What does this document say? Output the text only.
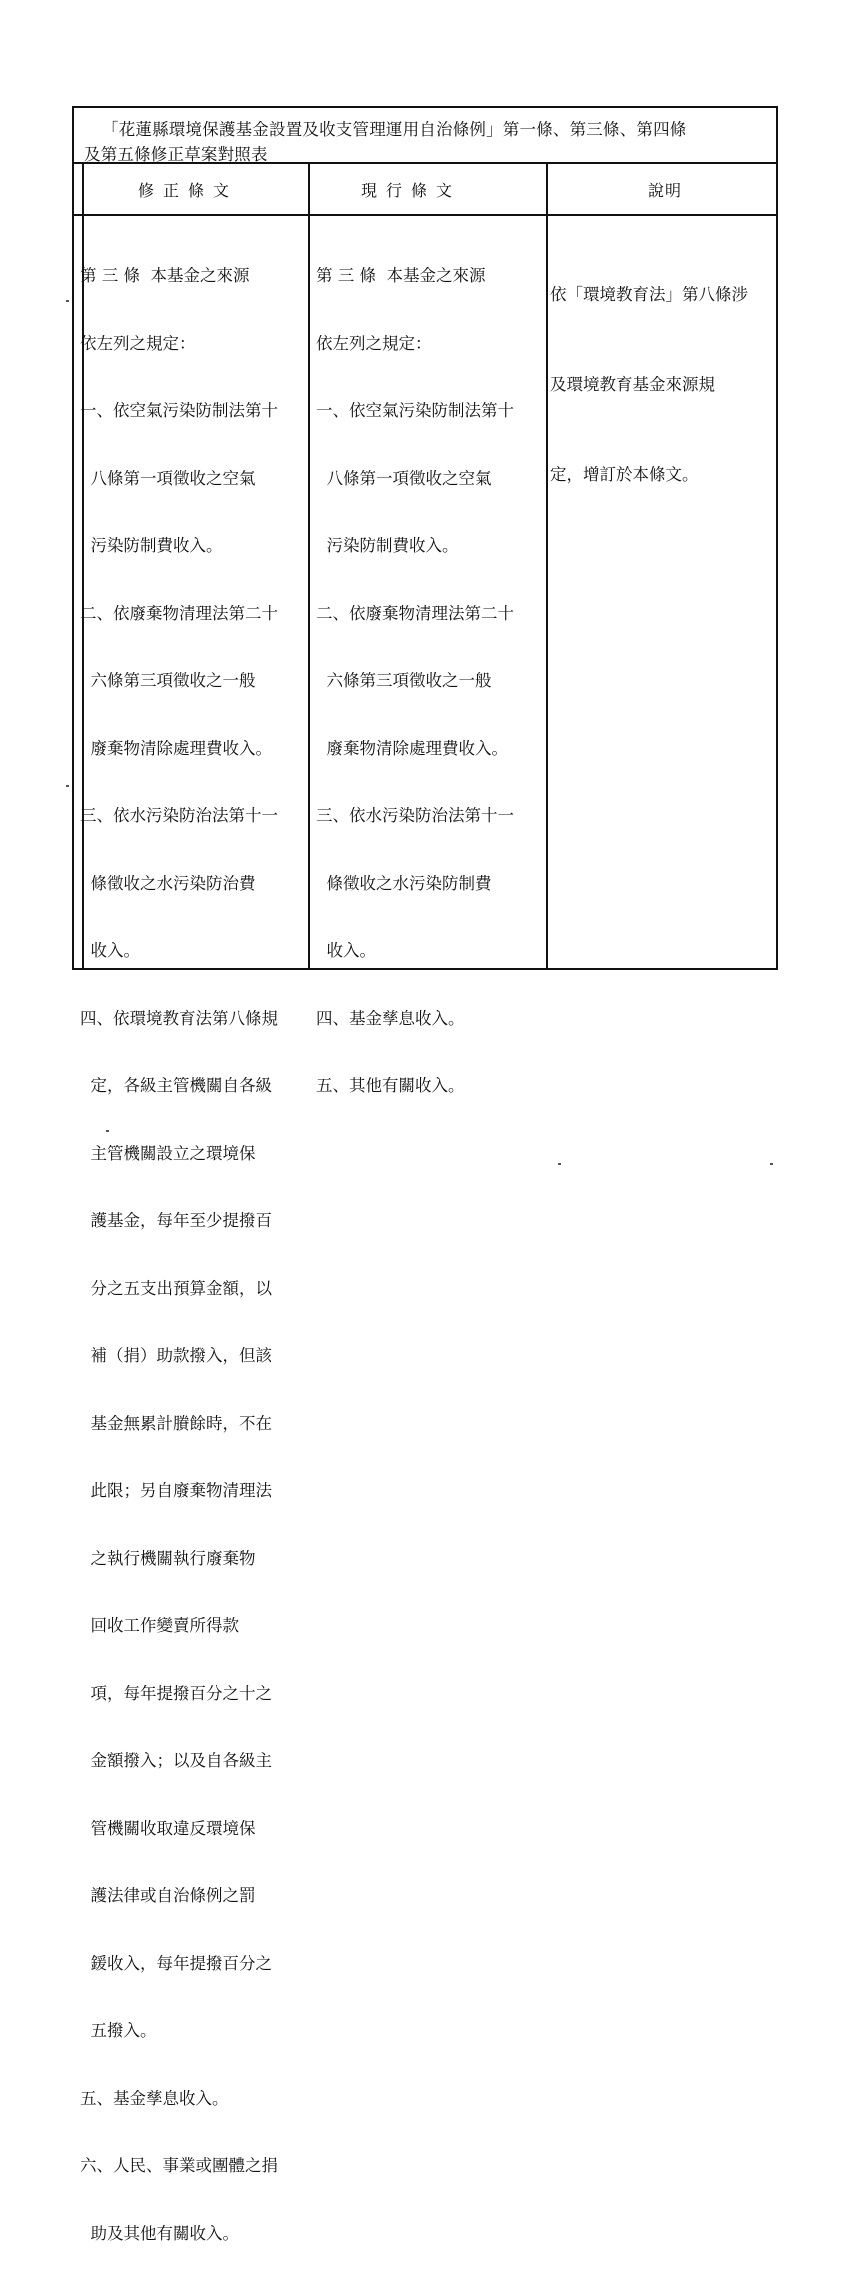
「花蓮縣環境保護基金設置及收支管理運用自治條例」第一條、第三條、第四條
及第五條修正草案對照表
修正條文	現行條文	說明

第 三 條  本基金之來源

依左列之規定：

一、依空氣污染防制法第十

八條第一項徵收之空氣

污染防制費收入。

二、依廢棄物清理法第二十

六條第三項徵收之一般

廢棄物清除處理費收入。

三、依水污染防治法第十一

條徵收之水污染防治費

收入。

四、依環境教育法第八條規

定，各級主管機關自各級

主管機關設立之環境保

護基金，每年至少提撥百

分之五支出預算金額，以

補（捐）助款撥入，但該

基金無累計賸餘時，不在

此限；另自廢棄物清理法

之執行機關執行廢棄物

回收工作變賣所得款

項，每年提撥百分之十之

金額撥入；以及自各級主

管機關收取違反環境保

護法律或自治條例之罰

鍰收入，每年提撥百分之

五撥入。

五、基金孳息收入。

六、人民、事業或團體之捐

助及其他有關收入。

第 三 條  本基金之來源

依左列之規定：

一、依空氣污染防制法第十

八條第一項徵收之空氣

污染防制費收入。

二、依廢棄物清理法第二十

六條第三項徵收之一般

廢棄物清除處理費收入。

三、依水污染防治法第十一

條徵收之水污染防制費

收入。

四、基金孳息收入。

五、其他有關收入。

依「環境教育法」第八條涉

及環境教育基金來源規

定，增訂於本條文。
